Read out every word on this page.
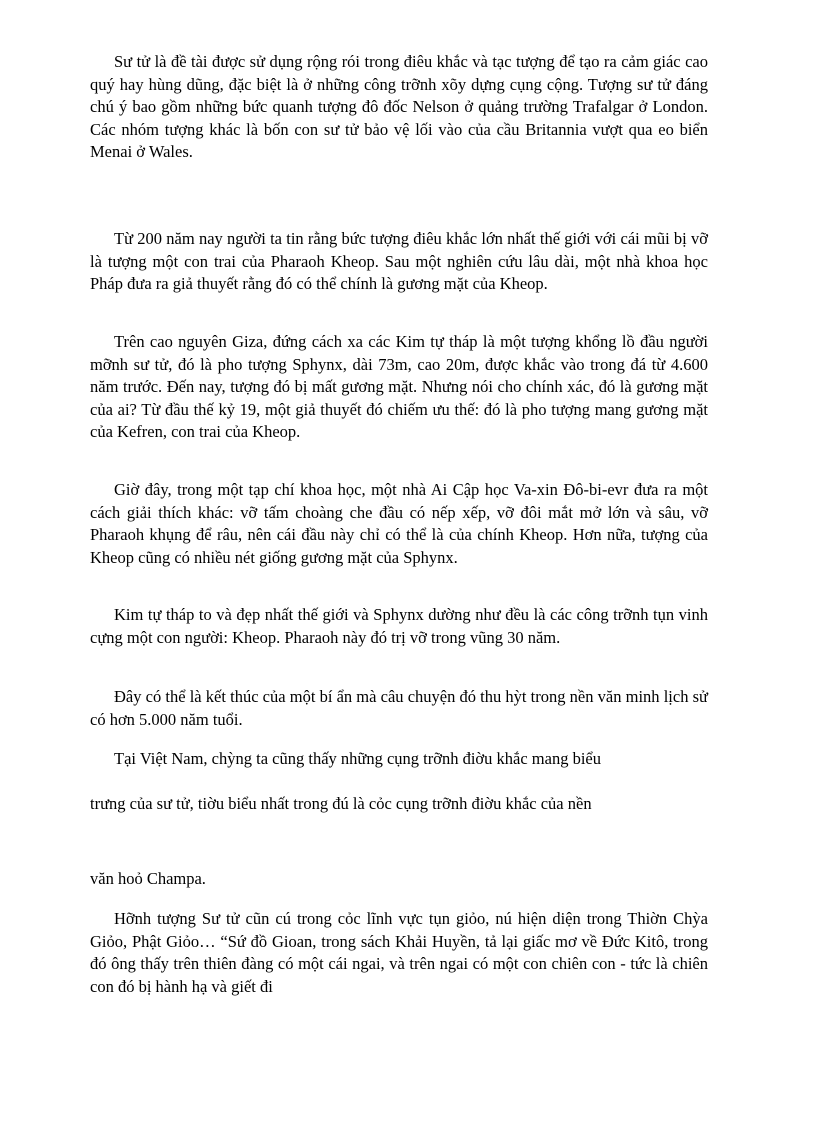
Sư tử là đề tài được sử dụng rộng rói trong điêu khắc và tạc tượng để tạo ra cảm giác cao quý hay hùng dũng, đặc biệt là ở những công trỡnh xõy dựng cụng cộng. Tượng sư tử đáng chú ý bao gồm những bức quanh tượng đô đốc Nelson ở quảng trường Trafalgar ở London. Các nhóm tượng khác là bốn con sư tử bảo vệ lối vào của cầu Britannia vượt qua eo biển Menai ở Wales.

Từ 200 năm nay người ta tin rằng bức tượng điêu khắc lớn nhất thế giới với cái mũi bị vỡ là tượng một con trai của Pharaoh Kheop. Sau một nghiên cứu lâu dài, một nhà khoa học Pháp đưa ra giả thuyết rằng đó có thể chính là gương mặt của Kheop.

Trên cao nguyên Giza, đứng cách xa các Kim tự tháp là một tượng khổng lồ đầu người mỡnh sư tử, đó là pho tượng Sphynx, dài 73m, cao 20m, được khắc vào trong đá từ 4.600 năm trước. Đến nay, tượng đó bị mất gương mặt. Nhưng nói cho chính xác, đó là gương mặt của ai? Từ đầu thế kỷ 19, một giả thuyết đó chiếm ưu thế: đó là pho tượng mang gương mặt của Kefren, con trai của Kheop.

Giờ đây, trong một tạp chí khoa học, một nhà Ai Cập học Va-xin Đô-bi-evr đưa ra một cách giải thích khác: vỡ tấm choàng che đầu có nếp xếp, vỡ đôi mắt mở lớn và sâu, vỡ Pharaoh khụng để râu, nên cái đầu này chỉ có thể là của chính Kheop. Hơn nữa, tượng của Kheop cũng có nhiều nét giống gương mặt của Sphynx.

Kim tự tháp to và đẹp nhất thế giới và Sphynx dường như đều là các công trỡnh tụn vinh cựng một con người: Kheop. Pharaoh này đó trị vỡ trong vũng 30 năm.

Đây có thể là kết thúc của một bí ẩn mà câu chuyện đó thu hỳt trong nền văn minh lịch sử có hơn 5.000 năm tuổi.

Tại Việt Nam, chỳng ta cũng thấy những cụng trỡnh điờu khắc mang biểu

trưng của sư tử, tiờu biểu nhất trong đú là cỏc cụng trỡnh điờu khắc của nền

văn hoỏ Champa.

Hỡnh tượng Sư tử cũn cú trong cỏc lĩnh vực tụn giỏo, nú hiện diện trong Thiờn Chỳa Giỏo, Phật Giỏo… “Sứ đồ Gioan, trong sách Khải Huyền, tả lại giấc mơ về Đức Kitô, trong đó ông thấy trên thiên đàng có một cái ngai, và trên ngai có một con chiên con - tức là chiên con đó bị hành hạ và giết đi
